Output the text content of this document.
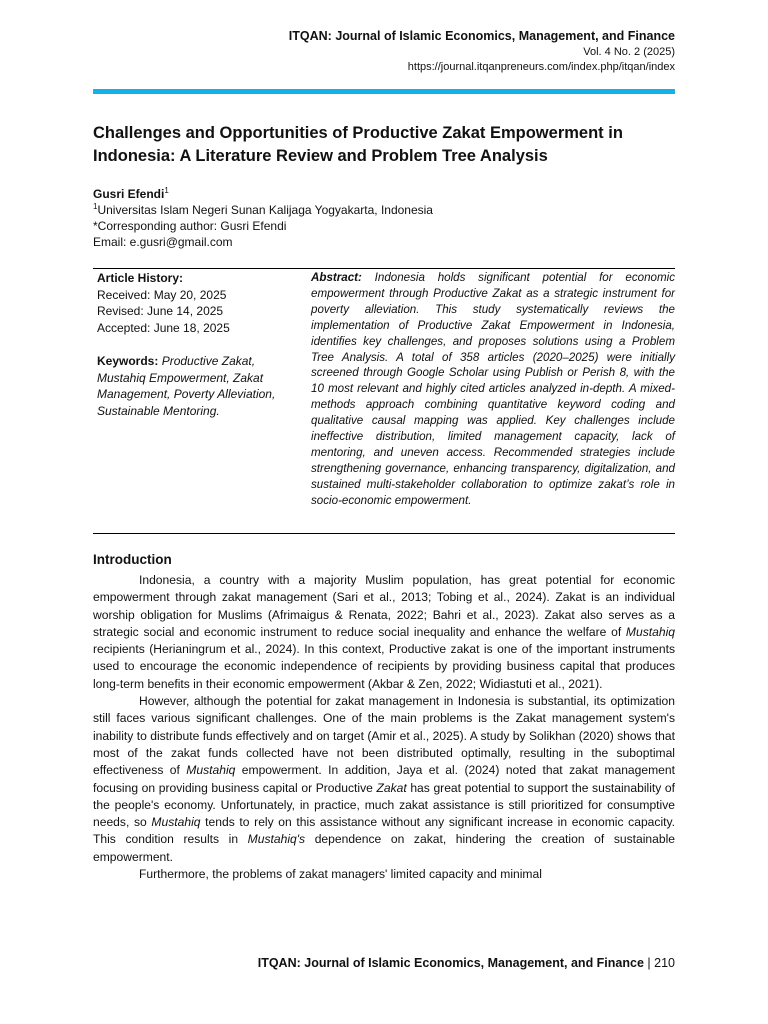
ITQAN: Journal of Islamic Economics, Management, and Finance
Vol. 4 No. 2 (2025)
https://journal.itqanpreneurs.com/index.php/itqan/index
Challenges and Opportunities of Productive Zakat Empowerment in Indonesia: A Literature Review and Problem Tree Analysis
Gusri Efendi$^1$
$^1$Universitas Islam Negeri Sunan Kalijaga Yogyakarta, Indonesia
*Corresponding author: Gusri Efendi
Email: e.gusri@gmail.com
Article History:
Received: May 20, 2025
Revised: June 14, 2025
Accepted: June 18, 2025
Keywords: Productive Zakat, Mustahiq Empowerment, Zakat Management, Poverty Alleviation, Sustainable Mentoring.
Abstract: Indonesia holds significant potential for economic empowerment through Productive Zakat as a strategic instrument for poverty alleviation. This study systematically reviews the implementation of Productive Zakat Empowerment in Indonesia, identifies key challenges, and proposes solutions using a Problem Tree Analysis. A total of 358 articles (2020–2025) were initially screened through Google Scholar using Publish or Perish 8, with the 10 most relevant and highly cited articles analyzed in-depth. A mixed-methods approach combining quantitative keyword coding and qualitative causal mapping was applied. Key challenges include ineffective distribution, limited management capacity, lack of mentoring, and uneven access. Recommended strategies include strengthening governance, enhancing transparency, digitalization, and sustained multi-stakeholder collaboration to optimize zakat’s role in socio-economic empowerment.
Introduction

Indonesia, a country with a majority Muslim population, has great potential for economic empowerment through zakat management (Sari et al., 2013; Tobing et al., 2024). Zakat is an individual worship obligation for Muslims (Afrimaigus & Renata, 2022; Bahri et al., 2023). Zakat also serves as a strategic social and economic instrument to reduce social inequality and enhance the welfare of Mustahiq recipients (Herianingrum et al., 2024). In this context, Productive zakat is one of the important instruments used to encourage the economic independence of recipients by providing business capital that produces long-term benefits in their economic empowerment (Akbar & Zen, 2022; Widiastuti et al., 2021).

However, although the potential for zakat management in Indonesia is substantial, its optimization still faces various significant challenges. One of the main problems is the Zakat management system's inability to distribute funds effectively and on target (Amir et al., 2025). A study by Solikhan (2020) shows that most of the zakat funds collected have not been distributed optimally, resulting in the suboptimal effectiveness of Mustahiq empowerment. In addition, Jaya et al. (2024) noted that zakat management focusing on providing business capital or Productive Zakat has great potential to support the sustainability of the people's economy. Unfortunately, in practice, much zakat assistance is still prioritized for consumptive needs, so Mustahiq tends to rely on this assistance without any significant increase in economic capacity. This condition results in Mustahiq's dependence on zakat, hindering the creation of sustainable empowerment.

Furthermore, the problems of zakat managers' limited capacity and minimal

ITQAN: Journal of Islamic Economics, Management, and Finance | 210
